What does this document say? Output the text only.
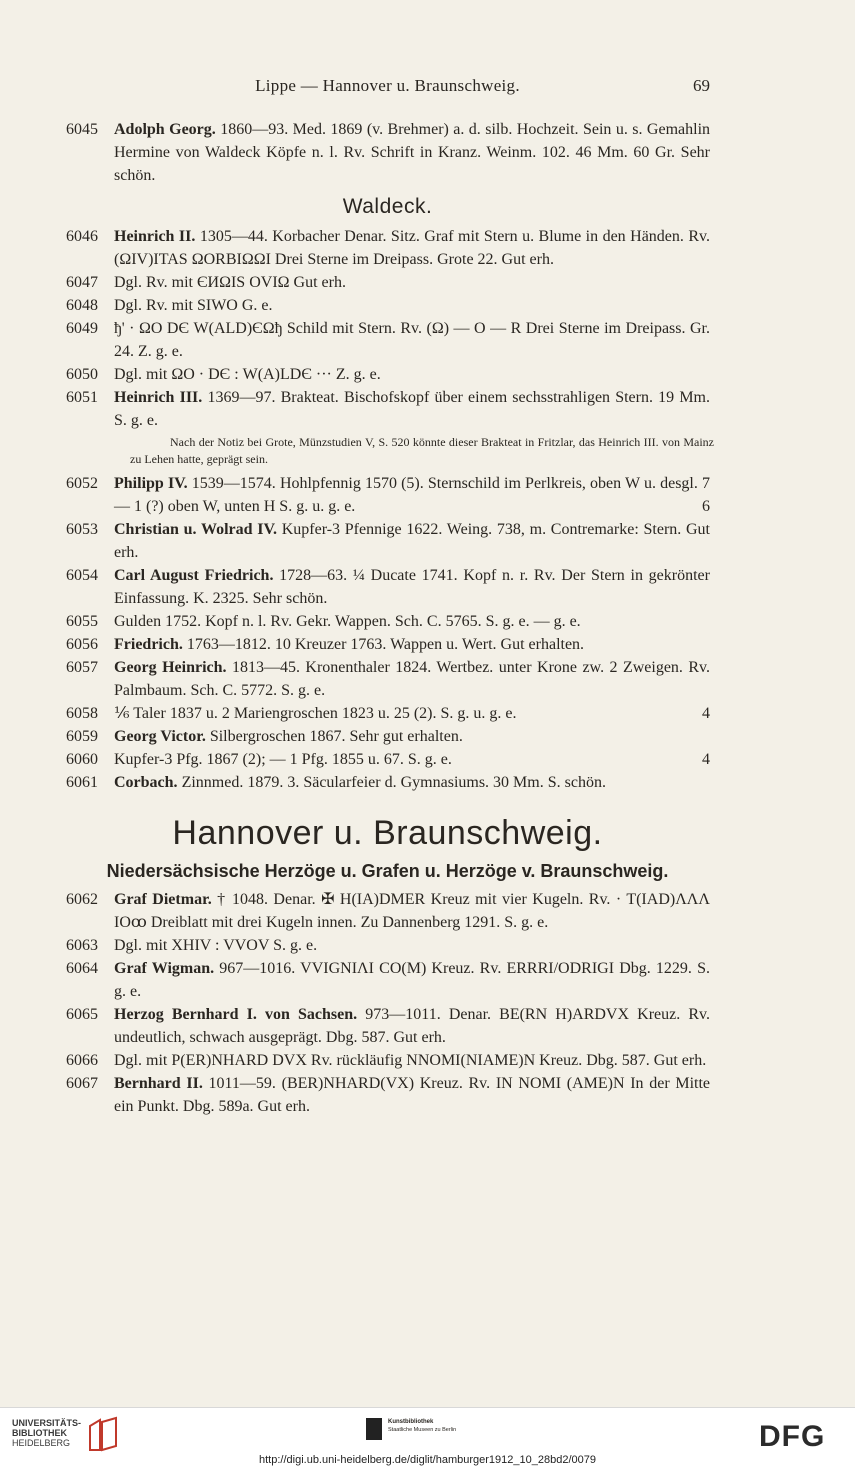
Lippe — Hannover u. Braunschweig.	69
6045	Adolph Georg. 1860—93. Med. 1869 (v. Brehmer) a. d. silb. Hochzeit. Sein u. s. Gemahlin Hermine von Waldeck Köpfe n. l. Rv. Schrift in Kranz. Weinm. 102. 46 Mm. 60 Gr. Sehr schön.
Waldeck.
6046	Heinrich II. 1305—44. Korbacher Denar. Sitz. Graf mit Stern u. Blume in den Händen. Rv. (ΩIV)ITAS ΩORBIΩΩI Drei Sterne im Dreipass. Grote 22. Gut erh.
6047	Dgl. Rv. mit ЄИΩIS OVIΩ Gut erh.
6048	Dgl. Rv. mit SIWO G. e.
6049	ђ' · ΩO DЄ W(ALD)ЄΩђ Schild mit Stern. Rv. (Ω) — O — R Drei Sterne im Dreipass. Gr. 24. Z. g. e.
6050	Dgl. mit ΩO · DЄ : W(A)LDЄ ··· Z. g. e.
6051	Heinrich III. 1369—97. Brakteat. Bischofskopf über einem sechsstrahligen Stern. 19 Mm. S. g. e.
Nach der Notiz bei Grote, Münzstudien V, S. 520 könnte dieser Brakteat in Fritzlar, das Heinrich III. von Mainz zu Lehen hatte, geprägt sein.
6052	Philipp IV. 1539—1574. Hohlpfennig 1570 (5). Sternschild im Perlkreis, oben W u. desgl. 7 — 1 (?) oben W, unten H S. g. u. g. e.	6
6053	Christian u. Wolrad IV. Kupfer-3 Pfennige 1622. Weing. 738, m. Contremarke: Stern. Gut erh.
6054	Carl August Friedrich. 1728—63. ¼ Ducate 1741. Kopf n. r. Rv. Der Stern in gekrönter Einfassung. K. 2325. Sehr schön.
6055	Gulden 1752. Kopf n. l. Rv. Gekr. Wappen. Sch. C. 5765. S. g. e. — g. e.
6056	Friedrich. 1763—1812. 10 Kreuzer 1763. Wappen u. Wert. Gut erhalten.
6057	Georg Heinrich. 1813—45. Kronenthaler 1824. Wertbez. unter Krone zw. 2 Zweigen. Rv. Palmbaum. Sch. C. 5772. S. g. e.
6058	⅙ Taler 1837 u. 2 Mariengroschen 1823 u. 25 (2). S. g. u. g. e.	4
6059	Georg Victor. Silbergroschen 1867. Sehr gut erhalten.
6060	Kupfer-3 Pfg. 1867 (2); — 1 Pfg. 1855 u. 67. S. g. e.	4
6061	Corbach. Zinnmed. 1879. 3. Säcularfeier d. Gymnasiums. 30 Mm. S. schön.
Hannover u. Braunschweig.
Niedersächsische Herzöge u. Grafen u. Herzöge v. Braunschweig.
6062	Graf Dietmar. † 1048. Denar. ✠ H(IA)DMER Kreuz mit vier Kugeln. Rv. · T(IAD)ΛΛΛ IOꝏ Dreiblatt mit drei Kugeln innen. Zu Dannenberg 1291. S. g. e.
6063	Dgl. mit XHIV : VVOV S. g. e.
6064	Graf Wigman. 967—1016. VVIGNIΛI CO(M) Kreuz. Rv. ERRRI/ODRIGI Dbg. 1229. S. g. e.
6065	Herzog Bernhard I. von Sachsen. 973—1011. Denar. BE(RN H)ARDVX Kreuz. Rv. undeutlich, schwach ausgeprägt. Dbg. 587. Gut erh.
6066	Dgl. mit P(ER)NHARD DVX Rv. rückläufig NNOMI(NIAME)N Kreuz. Dbg. 587. Gut erh.
6067	Bernhard II. 1011—59. (BER)NHARD(VX) Kreuz. Rv. IN NOMI (AME)N In der Mitte ein Punkt. Dbg. 589a. Gut erh.
UNIVERSITÄTS-
BIBLIOTHEK
HEIDELBERG
Kunstbibliothek
Staatliche Museen zu Berlin	DFG
http://digi.ub.uni-heidelberg.de/diglit/hamburger1912_10_28bd2/0079
